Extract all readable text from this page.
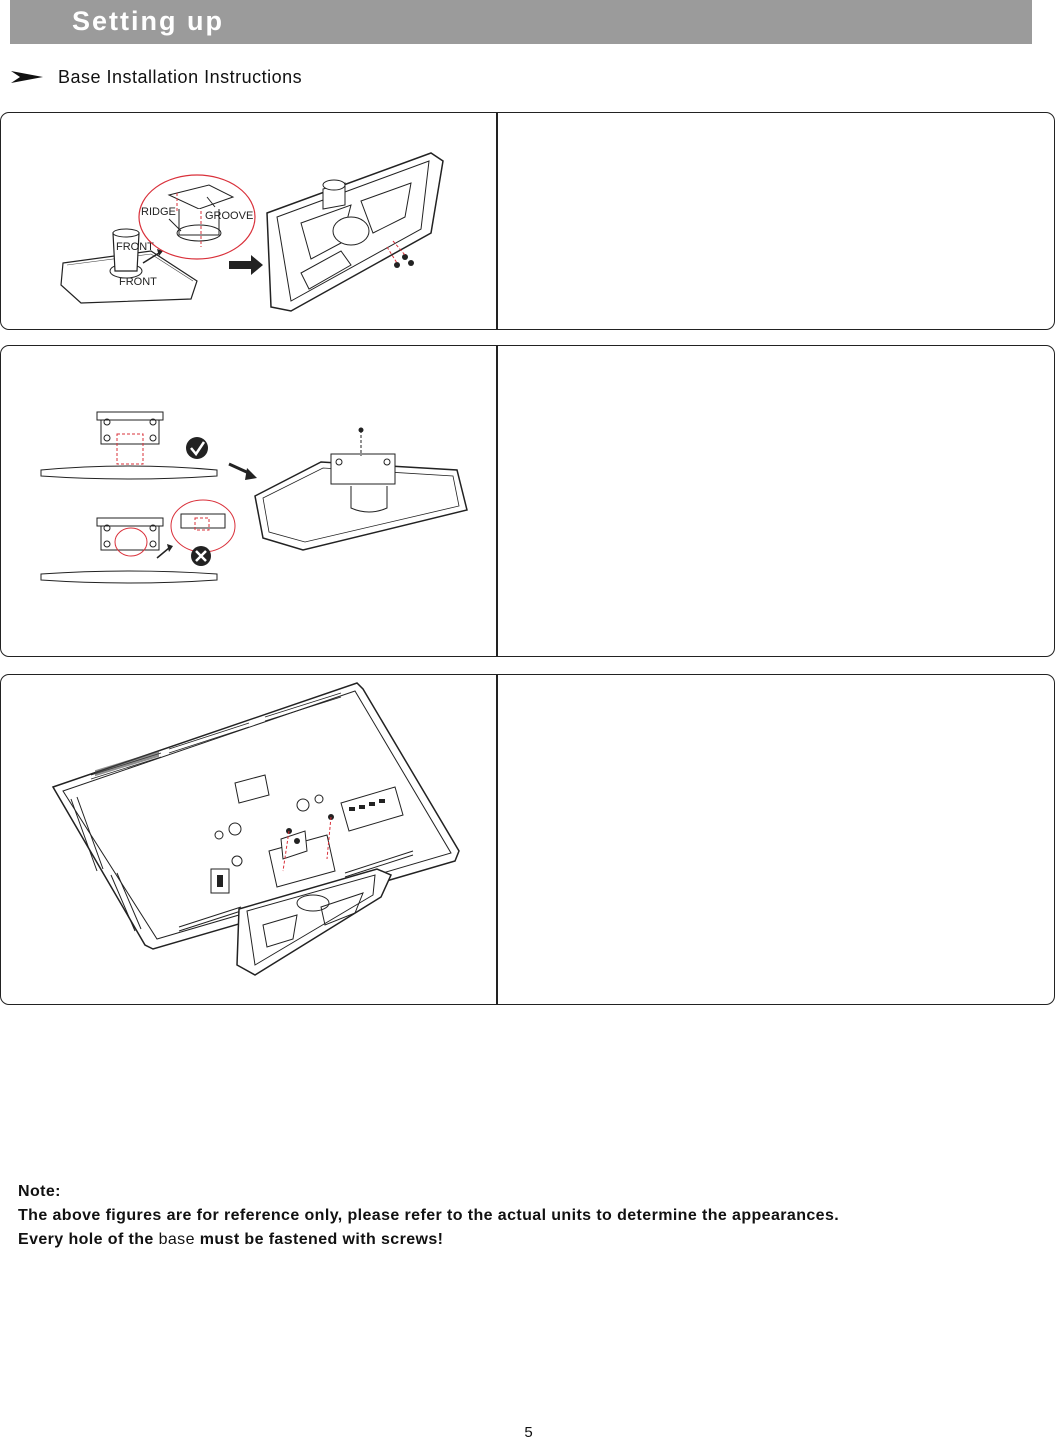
Setting up
Base Installation Instructions
FRONT
FRONT
RIDGE	GROOVE
Note:
The above figures are for reference only, please refer to the actual units to determine the appearances.
Every hole of the base must be fastened with screws!
5
